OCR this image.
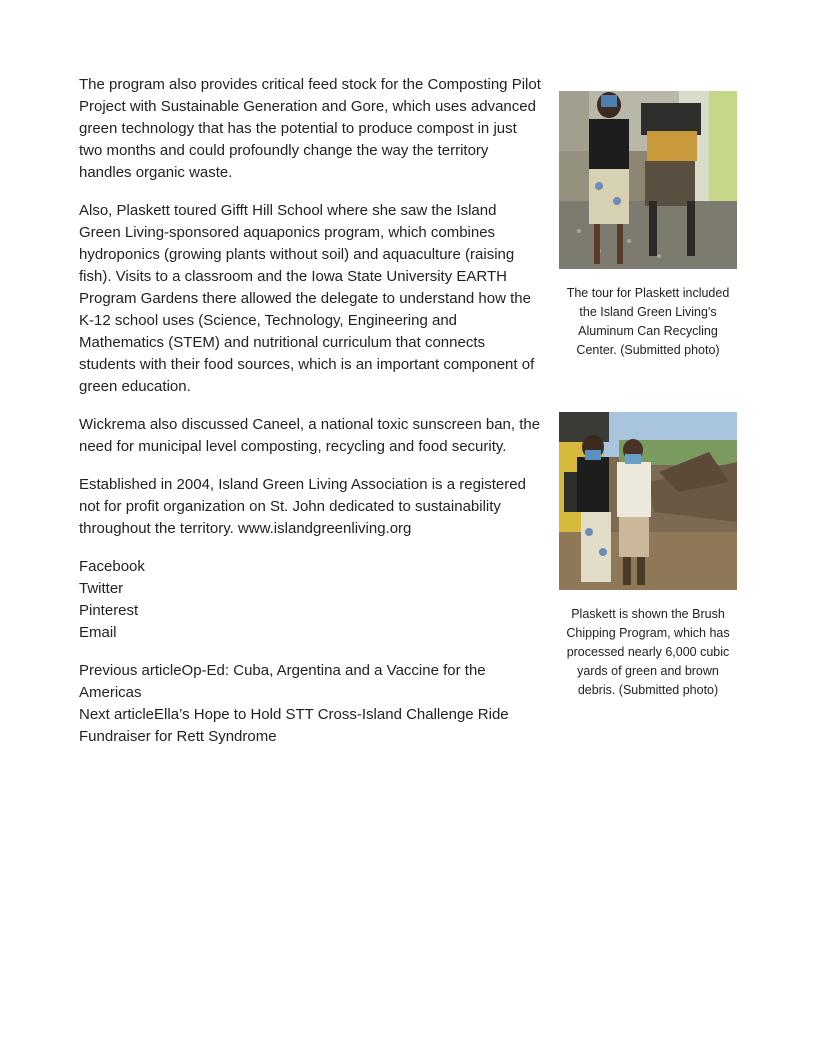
The program also provides critical feed stock for the Composting Pilot Project with Sustainable Generation and Gore, which uses advanced green technology that has the potential to produce compost in just two months and could profoundly change the way the territory handles organic waste.

Also, Plaskett toured Gifft Hill School where she saw the Island Green Living-sponsored aquaponics program, which combines hydroponics (growing plants without soil) and aquaculture (raising fish). Visits to a classroom and the Iowa State University EARTH Program Gardens there allowed the delegate to understand how the K-12 school uses (Science, Technology, Engineering and Mathematics (STEM) and nutritional curriculum that connects students with their food sources, which is an important component of green education.

Wickrema also discussed Caneel, a national toxic sunscreen ban, the need for municipal level composting, recycling and food security.

Established in 2004, Island Green Living Association is a registered not for profit organization on St. John dedicated to sustainability throughout the territory. www.islandgreenliving.org

Facebook
Twitter
Pinterest
Email
Previous articleOp-Ed: Cuba, Argentina and a Vaccine for the Americas
Next articleElla’s Hope to Hold STT Cross-Island Challenge Ride Fundraiser for Rett Syndrome
The tour for Plaskett included the Island Green Living's Aluminum Can Recycling Center. (Submitted photo)
Plaskett is shown the Brush Chipping Program, which has processed nearly 6,000 cubic yards of green and brown debris. (Submitted photo)
